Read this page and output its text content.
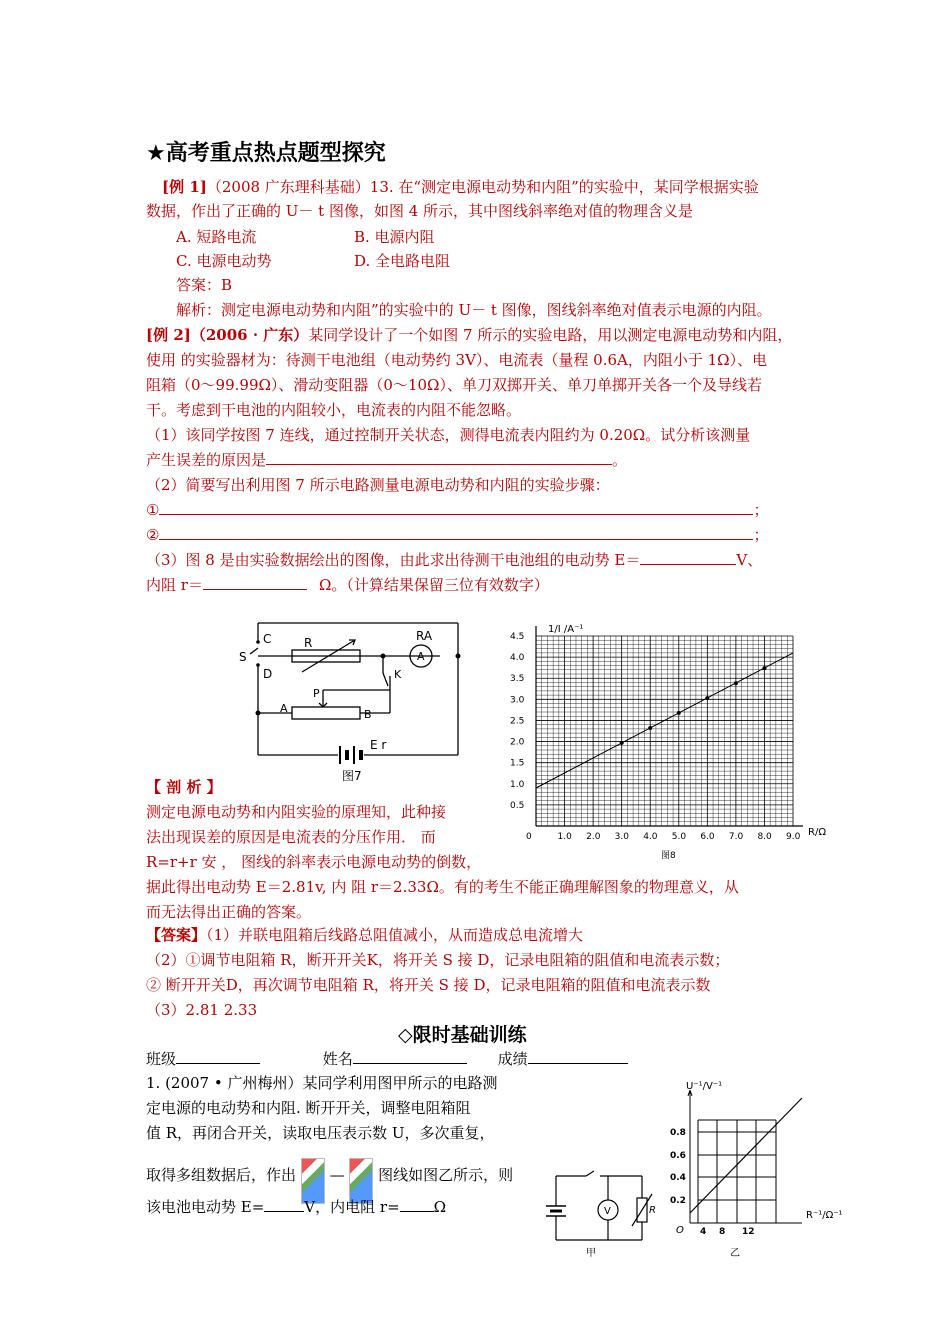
★高考重点热点题型探究
[例 1]（2008 广东理科基础）13. 在“测定电源电动势和内阻”的实验中，某同学根据实验
数据，作出了正确的 U－ t 图像，如图 4 所示，其中图线斜率绝对值的物理含义是
A. 短路电流	B. 电源内阻
C. 电源电动势	D. 全电路电阻
答案：B
解析：测定电源电动势和内阻”的实验中的 U－ t 图像，图线斜率绝对值表示电源的内阻。
[例 2]（2006 · 广东）某同学设计了一个如图 7 所示的实验电路，用以测定电源电动势和内阻，
使用 的实验器材为：待测干电池组（电动势约 3V）、电流表（量程 0.6A，内阻小于 1Ω）、电
阻箱（0～99.99Ω）、滑动变阻器（0～10Ω）、单刀双掷开关、单刀单掷开关各一个及导线若
干。考虑到干电池的内阻较小，电流表的内阻不能忽略。
（1）该同学按图 7 连线，通过控制开关状态，测得电流表内阻约为 0.20Ω。试分析该测量
产生误差的原因是	。
（2）简要写出利用图 7 所示电路测量电源电动势和内阻的实验步骤：
①	；
②	；
（3）图 8 是由实验数据绘出的图像，由此求出待测干电池组的电动势 E＝	V、
内阻 r＝	Ω。（计算结果保留三位有效数字）
C
S
D
R	RA
A
K
P
A	B
E r
图7
0	1.0 2.0 3.0 4.0 5.0 6.0 7.0 8.0 9.0
0.5
1.0
1.5
2.0
2.5
3.0
3.5
4.0
4.5
1/I /A⁻¹
R/Ω
图8
【 剖 析 】
测定电源电动势和内阻实验的原理知，此种接
法出现误差的原因是电流表的分压作用． 而
R=r+r 安 ， 图线的斜率表示电源电动势的倒数，
据此得出电动势 E＝2.81v, 内 阻 r＝2.33Ω。有的考生不能正确理解图象的物理意义，从
而无法得出正确的答案。
【答案】（1）并联电阻箱后线路总阻值减小，从而造成总电流增大
（2）①调节电阻箱 R，断开开关K，将开关 S 接 D，记录电阻箱的阻值和电流表示数；
② 断开开关D，再次调节电阻箱 R，将开关 S 接 D，记录电阻箱的阻值和电流表示数
（3）2.81 2.33
◇限时基础训练
班级	姓名	成绩
1. (2007 • 广州梅州）某同学利用图甲所示的电路测
定电源的电动势和内阻. 断开开关，调整电阻箱阻
值 R，再闭合开关，读取电压表示数 U，多次重复，
取得多组数据后，作出 — 图线如图乙所示，则
该电池电动势 E=	V，内电阻 r= Ω	V	R
甲
U⁻¹/V⁻¹
R⁻¹/Ω⁻¹
0.8
0.6
0.4
0.2
O 4 8 12
乙
